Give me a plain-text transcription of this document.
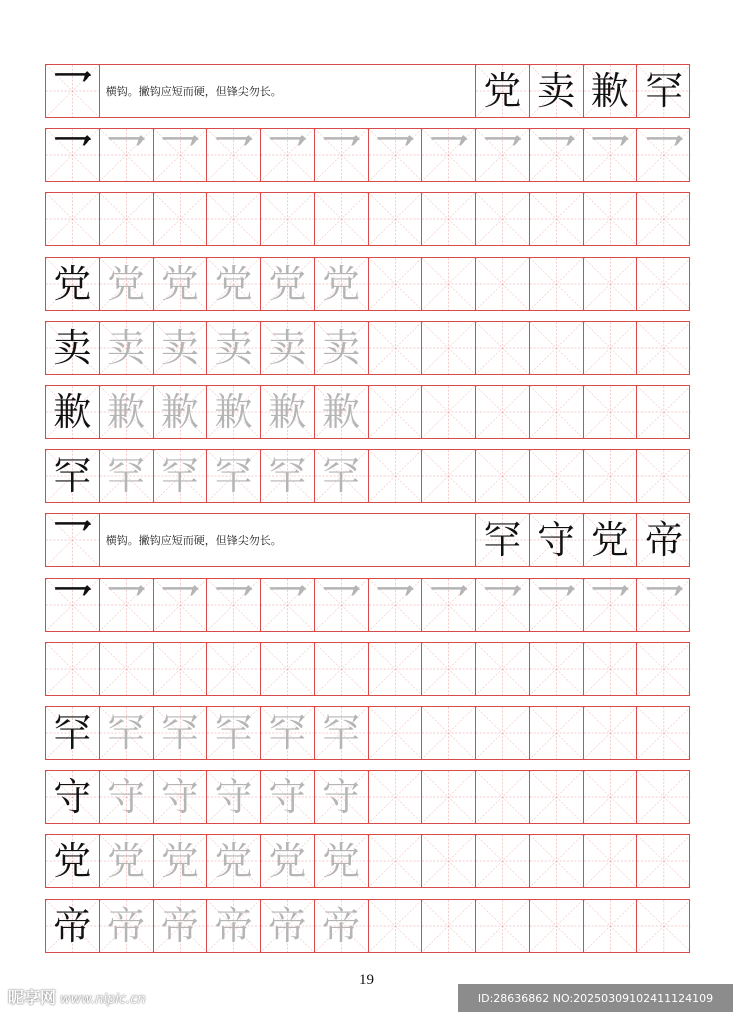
乛	横钩。撇钩应短而硬，但锋尖勿长。	党 卖 歉 罕
乛 乛 乛 乛 乛 乛 乛 乛 乛 乛 乛 乛
党 党 党 党 党 党
卖 卖 卖 卖 卖 卖
歉 歉 歉 歉 歉 歉
罕 罕 罕 罕 罕 罕
乛	横钩。撇钩应短而硬，但锋尖勿长。	罕 守 党 帝
乛 乛 乛 乛 乛 乛 乛 乛 乛 乛 乛 乛
罕 罕 罕 罕 罕 罕
守 守 守 守 守 守
党 党 党 党 党 党
帝 帝 帝 帝 帝 帝
19
昵享网 www.nipic.cn	ID:28636862 NO:20250309102411124109
